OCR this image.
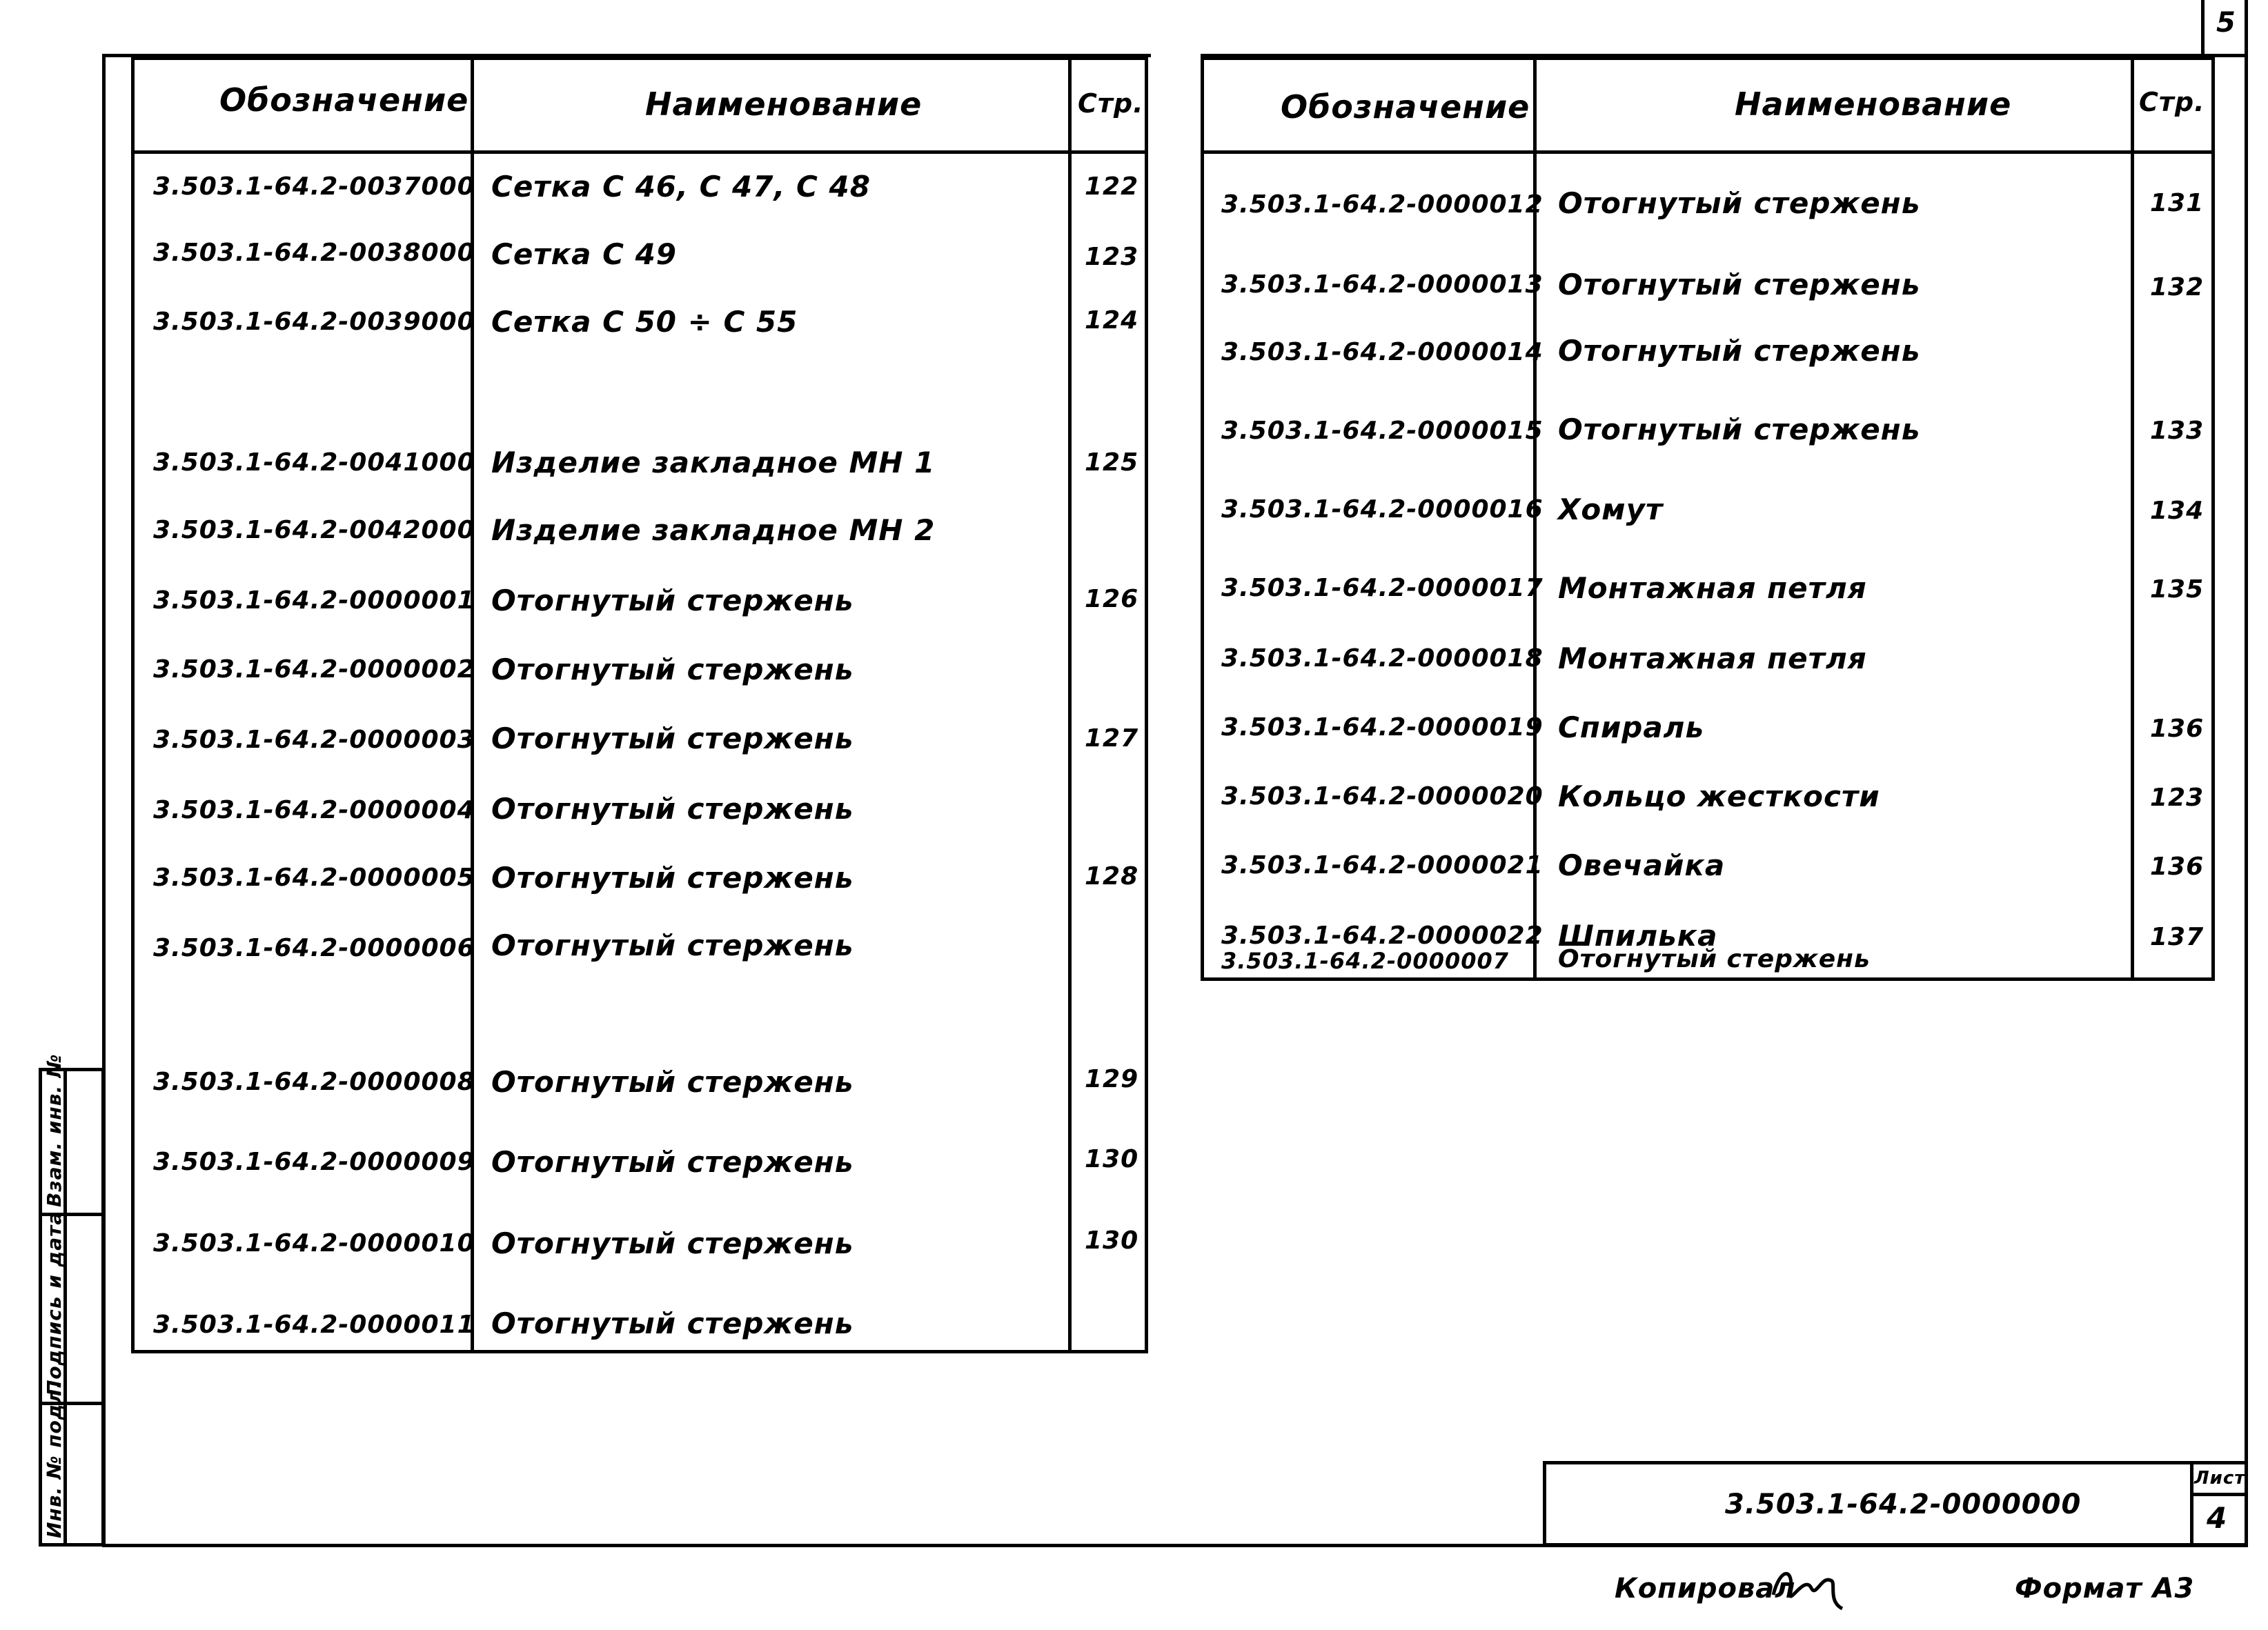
5
Обозначение	Наименование	Стр.
3.503.1-64.2-0037000 Сетка С 46, С 47, С 48	122
3.503.1-64.2-0038000 Сетка С 49	123
3.503.1-64.2-0039000 Сетка С 50 ÷ С 55	124
3.503.1-64.2-0041000 Изделие закладное МН 1	125
3.503.1-64.2-0042000 Изделие закладное МН 2
3.503.1-64.2-0000001 Отогнутый стержень	126
3.503.1-64.2-0000002 Отогнутый стержень
3.503.1-64.2-0000003 Отогнутый стержень	127
3.503.1-64.2-0000004 Отогнутый стержень
3.503.1-64.2-0000005 Отогнутый стержень	128
3.503.1-64.2-0000006 Отогнутый стержень
3.503.1-64.2-0000008 Отогнутый стержень	129
3.503.1-64.2-0000009 Отогнутый стержень	130
3.503.1-64.2-0000010 Отогнутый стержень	130
3.503.1-64.2-0000011 Отогнутый стержень
Обозначение	Наименование	Стр.
3.503.1-64.2-0000012 Отогнутый стержень	131
3.503.1-64.2-0000013 Отогнутый стержень	132
3.503.1-64.2-0000014 Отогнутый стержень
3.503.1-64.2-0000015 Отогнутый стержень	133
3.503.1-64.2-0000016 Хомут	134
3.503.1-64.2-0000017 Монтажная петля	135
3.503.1-64.2-0000018 Монтажная петля
3.503.1-64.2-0000019 Спираль	136
3.503.1-64.2-0000020 Кольцо жесткости	123
3.503.1-64.2-0000021 Овечайка	136
3.503.1-64.2-0000022 Шпилька	137
3.503.1-64.2-0000007 Отогнутый стержень
Инв. № подл.
Подпись и дата
Взам. инв. №
3.503.1-64.2-0000000
Лист
4
Копировал	Формат А3
